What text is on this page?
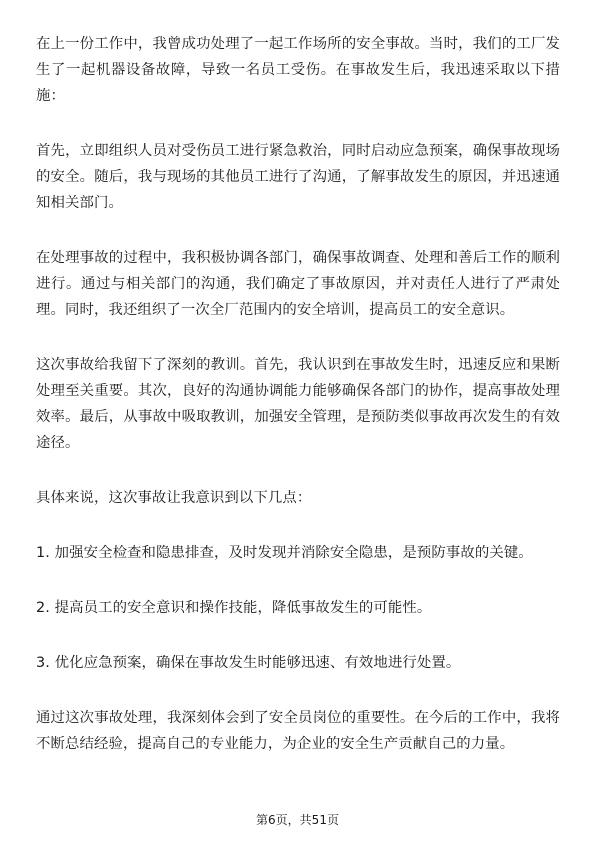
在上一份工作中，我曾成功处理了一起工作场所的安全事故。当时，我们的工厂发生了一起机器设备故障，导致一名员工受伤。在事故发生后，我迅速采取以下措施：

首先，立即组织人员对受伤员工进行紧急救治，同时启动应急预案，确保事故现场的安全。随后，我与现场的其他员工进行了沟通，了解事故发生的原因，并迅速通知相关部门。

在处理事故的过程中，我积极协调各部门，确保事故调查、处理和善后工作的顺利进行。通过与相关部门的沟通，我们确定了事故原因，并对责任人进行了严肃处理。同时，我还组织了一次全厂范围内的安全培训，提高员工的安全意识。

这次事故给我留下了深刻的教训。首先，我认识到在事故发生时，迅速反应和果断处理至关重要。其次，良好的沟通协调能力能够确保各部门的协作，提高事故处理效率。最后，从事故中吸取教训，加强安全管理，是预防类似事故再次发生的有效途径。

具体来说，这次事故让我意识到以下几点：

1. 加强安全检查和隐患排查，及时发现并消除安全隐患，是预防事故的关键。

2. 提高员工的安全意识和操作技能，降低事故发生的可能性。

3. 优化应急预案，确保在事故发生时能够迅速、有效地进行处置。

通过这次事故处理，我深刻体会到了安全员岗位的重要性。在今后的工作中，我将不断总结经验，提高自己的专业能力，为企业的安全生产贡献自己的力量。

第6页，共51页
